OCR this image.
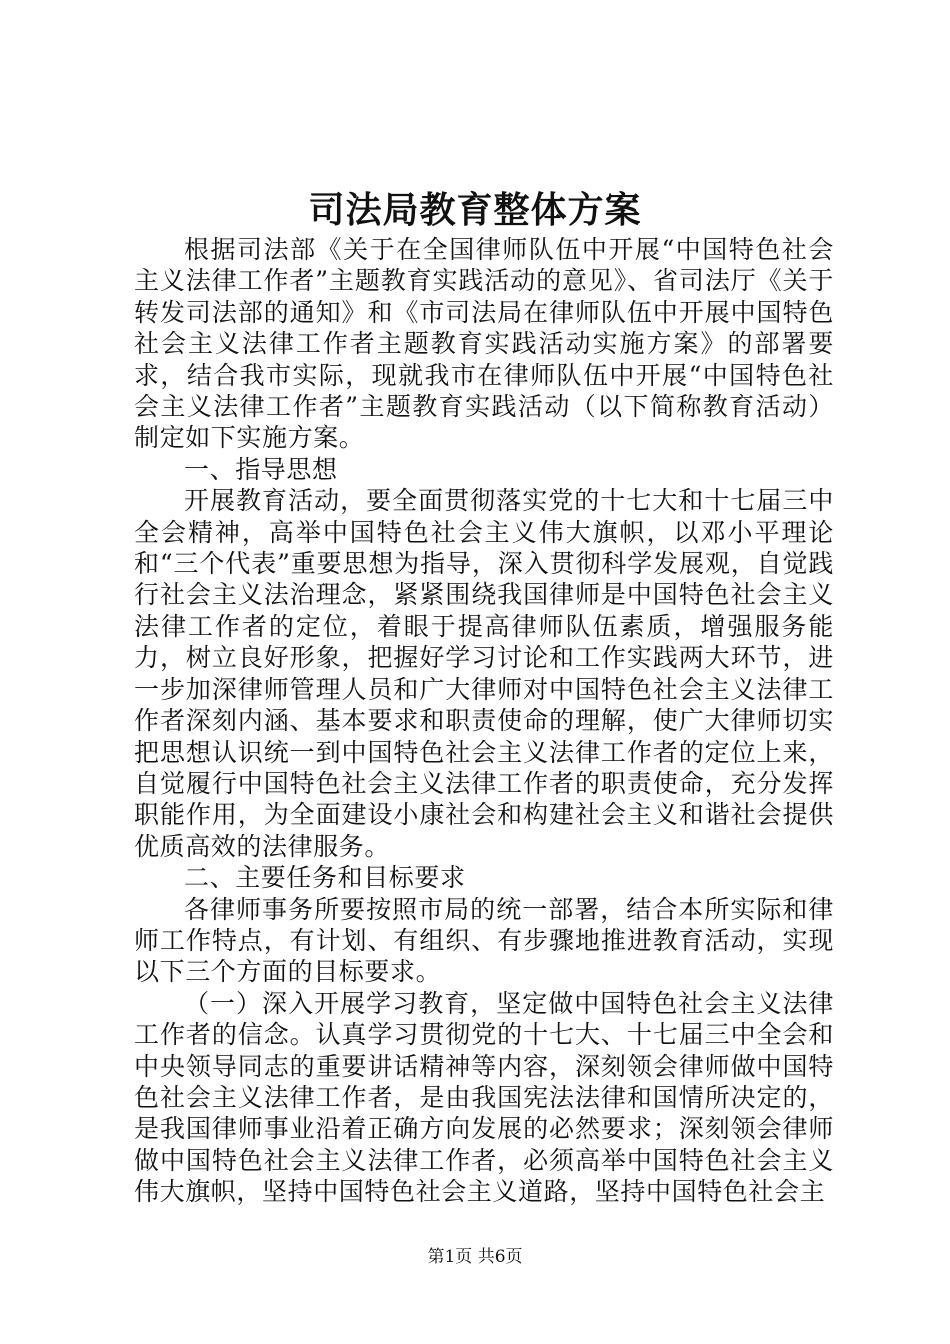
司法局教育整体方案

根据司法部《关于在全国律师队伍中开展“中国特色社会主义法律工作者”主题教育实践活动的意见》、省司法厅《关于转发司法部的通知》和《市司法局在律师队伍中开展中国特色社会主义法律工作者主题教育实践活动实施方案》的部署要求，结合我市实际，现就我市在律师队伍中开展“中国特色社会主义法律工作者”主题教育实践活动（以下简称教育活动）制定如下实施方案。

一、指导思想

开展教育活动，要全面贯彻落实党的十七大和十七届三中全会精神，高举中国特色社会主义伟大旗帜，以邓小平理论和“三个代表”重要思想为指导，深入贯彻科学发展观，自觉践行社会主义法治理念，紧紧围绕我国律师是中国特色社会主义法律工作者的定位，着眼于提高律师队伍素质，增强服务能力，树立良好形象，把握好学习讨论和工作实践两大环节，进一步加深律师管理人员和广大律师对中国特色社会主义法律工作者深刻内涵、基本要求和职责使命的理解，使广大律师切实把思想认识统一到中国特色社会主义法律工作者的定位上来，自觉履行中国特色社会主义法律工作者的职责使命，充分发挥职能作用，为全面建设小康社会和构建社会主义和谐社会提供优质高效的法律服务。

二、主要任务和目标要求

各律师事务所要按照市局的统一部署，结合本所实际和律师工作特点，有计划、有组织、有步骤地推进教育活动，实现以下三个方面的目标要求。

（一）深入开展学习教育，坚定做中国特色社会主义法律工作者的信念。认真学习贯彻党的十七大、十七届三中全会和中央领导同志的重要讲话精神等内容，深刻领会律师做中国特色社会主义法律工作者，是由我国宪法法律和国情所决定的，是我国律师事业沿着正确方向发展的必然要求；深刻领会律师做中国特色社会主义法律工作者，必须高举中国特色社会主义伟大旗帜，坚持中国特色社会主义道路，坚持中国特色社会主

第1页 共6页
